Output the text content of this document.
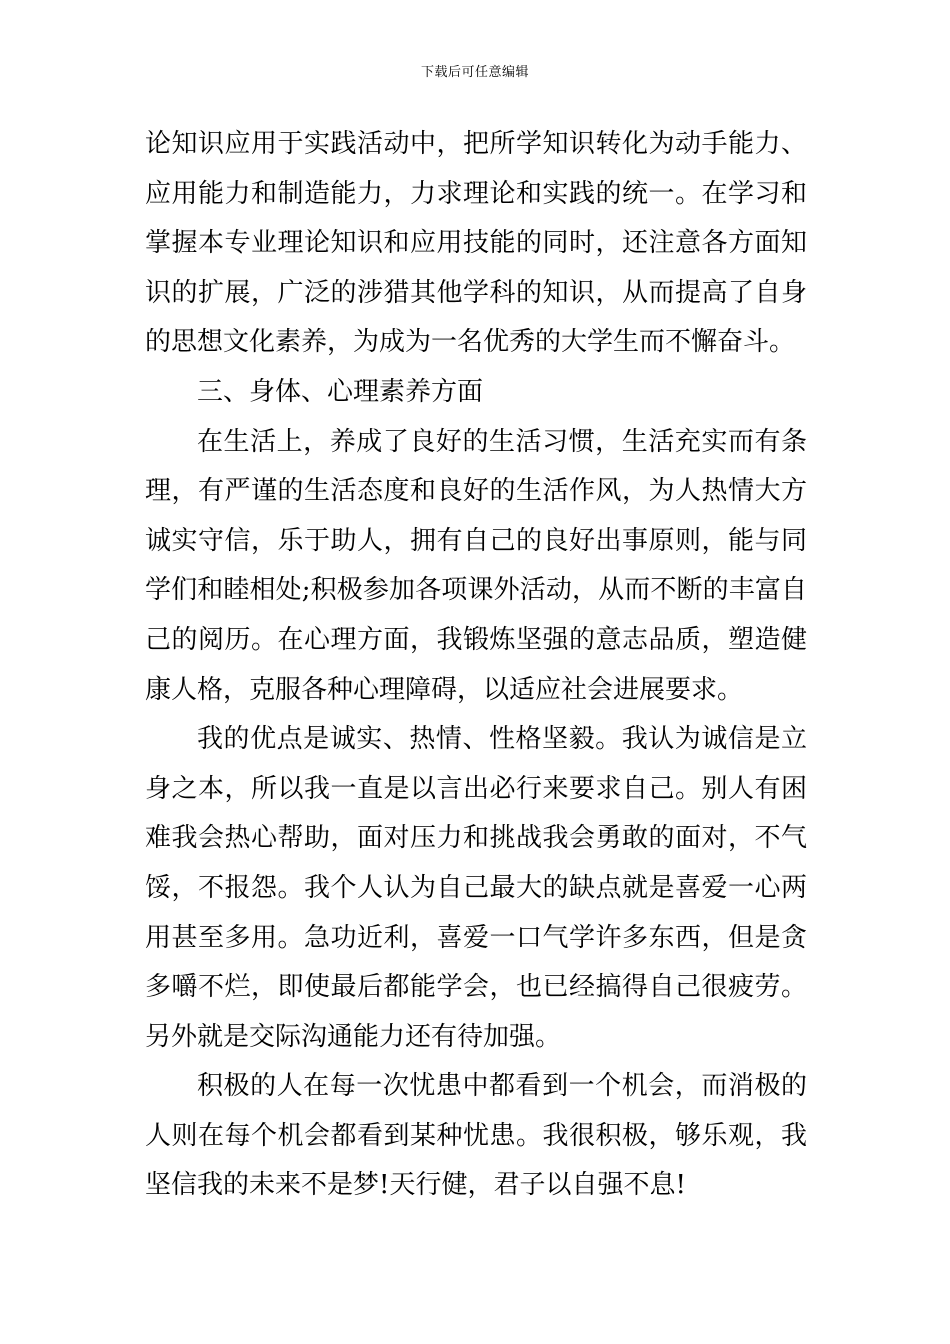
下载后可任意编辑
论知识应用于实践活动中，把所学知识转化为动手能力、
应用能力和制造能力，力求理论和实践的统一。在学习和
掌握本专业理论知识和应用技能的同时，还注意各方面知
识的扩展，广泛的涉猎其他学科的知识，从而提高了自身
的思想文化素养，为成为一名优秀的大学生而不懈奋斗。
三、身体、心理素养方面
在生活上，养成了良好的生活习惯，生活充实而有条
理，有严谨的生活态度和良好的生活作风，为人热情大方
诚实守信，乐于助人，拥有自己的良好出事原则，能与同
学们和睦相处;积极参加各项课外活动，从而不断的丰富自
己的阅历。在心理方面，我锻炼坚强的意志品质，塑造健
康人格，克服各种心理障碍，以适应社会进展要求。
我的优点是诚实、热情、性格坚毅。我认为诚信是立
身之本，所以我一直是以言出必行来要求自己。别人有困
难我会热心帮助，面对压力和挑战我会勇敢的面对，不气
馁，不报怨。我个人认为自己最大的缺点就是喜爱一心两
用甚至多用。急功近利，喜爱一口气学许多东西，但是贪
多嚼不烂，即使最后都能学会，也已经搞得自己很疲劳。
另外就是交际沟通能力还有待加强。
积极的人在每一次忧患中都看到一个机会，而消极的
人则在每个机会都看到某种忧患。我很积极，够乐观，我
坚信我的未来不是梦!天行健，君子以自强不息!
